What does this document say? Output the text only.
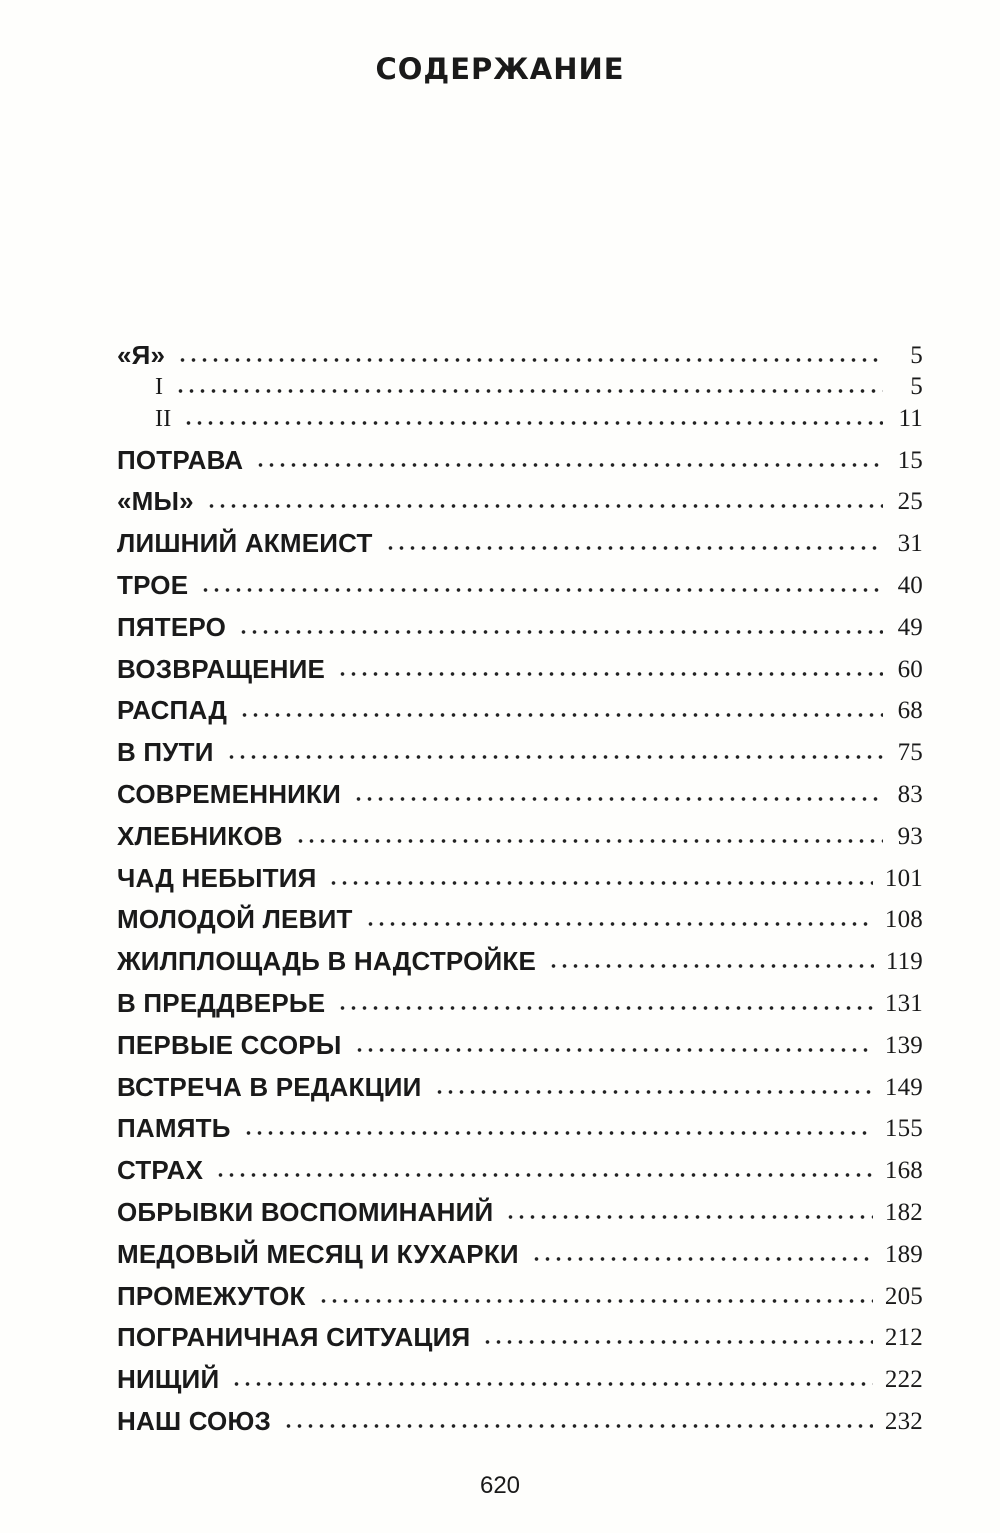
СОДЕРЖАНИЕ
«Я»	5
I	5
II	11
ПОТРАВА	15
«МЫ»	25
ЛИШНИЙ АКМЕИСТ	31
ТРОЕ	40
ПЯТЕРО	49
ВОЗВРАЩЕНИЕ	60
РАСПАД	68
В ПУТИ	75
СОВРЕМЕННИКИ	83
ХЛЕБНИКОВ	93
ЧАД НЕБЫТИЯ	101
МОЛОДОЙ ЛЕВИТ	108
ЖИЛПЛОЩАДЬ В НАДСТРОЙКЕ	119
В ПРЕДДВЕРЬЕ	131
ПЕРВЫЕ ССОРЫ	139
ВСТРЕЧА В РЕДАКЦИИ	149
ПАМЯТЬ	155
СТРАХ	168
ОБРЫВКИ ВОСПОМИНАНИЙ	182
МЕДОВЫЙ МЕСЯЦ И КУХАРКИ	189
ПРОМЕЖУТОК	205
ПОГРАНИЧНАЯ СИТУАЦИЯ	212
НИЩИЙ	222
НАШ СОЮЗ	232
620
